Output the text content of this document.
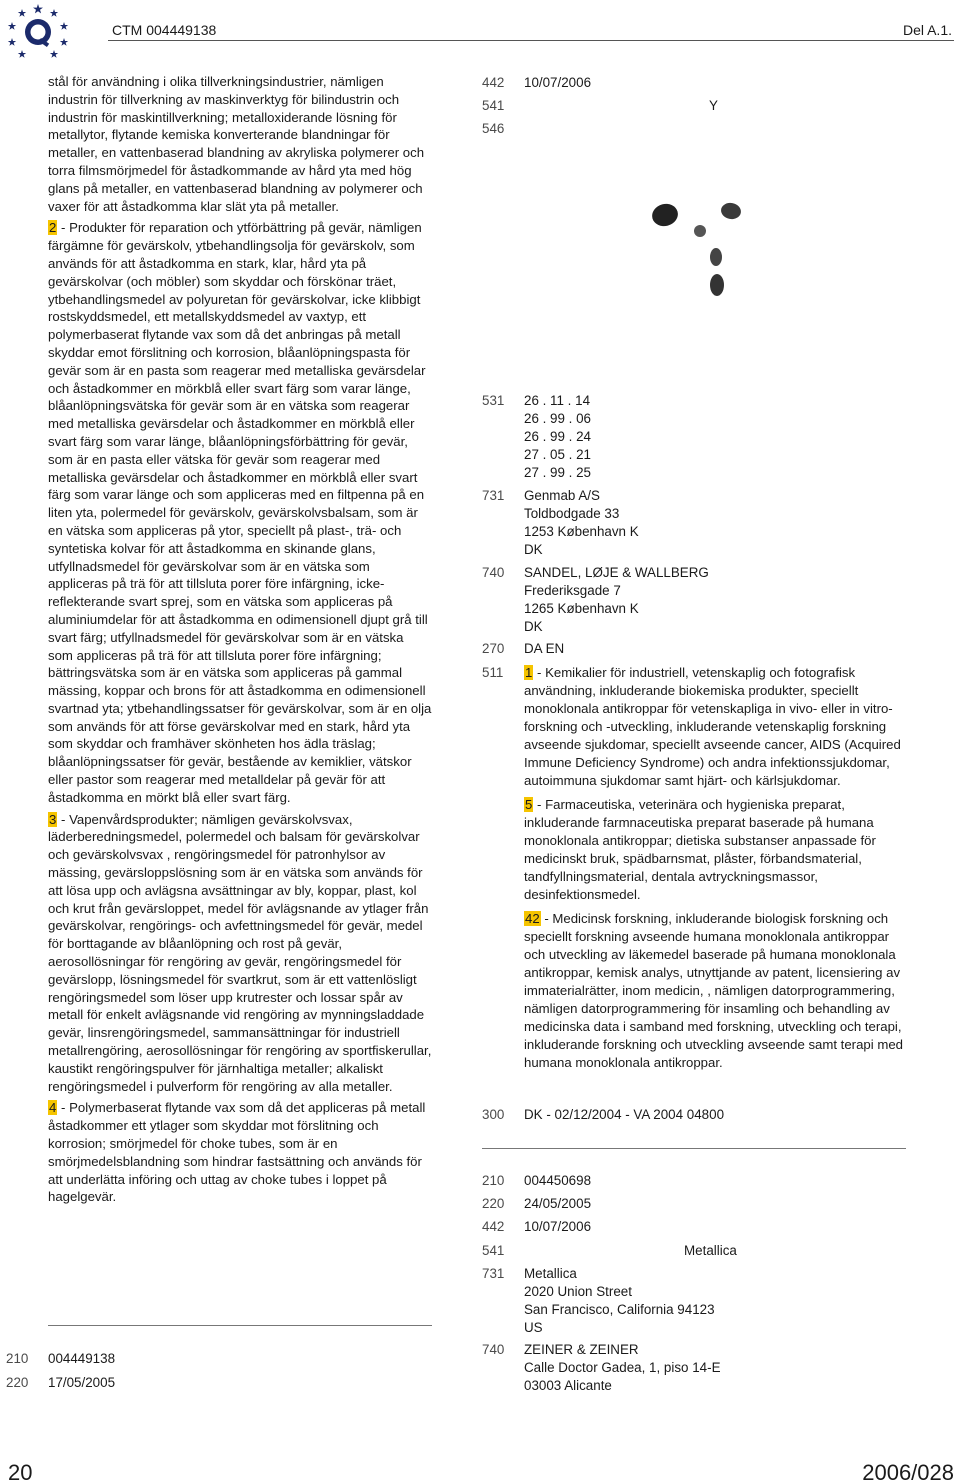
CTM 004449138	Del A.1.

stål för användning i olika tillverkningsindustrier, nämligen industrin för tillverkning av maskinverktyg för bilindustrin och industrin för maskintillverkning; metalloxiderande lösning för metallytor, flytande kemiska konverterande blandningar för metaller, en vattenbaserad blandning av akryliska polymerer och torra filmsmörjmedel för åstadkommande av hård yta med hög glans på metaller, en vattenbaserad blandning av polymerer och vaxer för att åstadkomma klar slät yta på metaller.

2 - Produkter för reparation och ytförbättring på gevär, nämligen färgämne för gevärskolv, ytbehandlingsolja för gevärskolv, som används för att åstadkomma en stark, klar, hård yta på gevärskolvar (och möbler) som skyddar och förskönar träet, ytbehandlingsmedel av polyuretan för gevärskolvar, icke klibbigt rostskyddsmedel, ett metallskyddsmedel av vaxtyp, ett polymerbaserat flytande vax som då det anbringas på metall skyddar emot förslitning och korrosion, blåanlöpningspasta för gevär som är en pasta som reagerar med metalliska gevärsdelar och åstadkommer en mörkblå eller svart färg som varar länge, blåanlöpningsvätska för gevär som är en vätska som reagerar med metalliska gevärsdelar och åstadkommer en mörkblå eller svart färg som varar länge, blåanlöpningsförbättring för gevär, som är en pasta eller vätska för gevär som reagerar med metalliska gevärsdelar och åstadkommer en mörkblå eller svart färg som varar länge och som appliceras med en filtpenna på en liten yta, polermedel för gevärskolv, gevärskolvsbalsam, som är en vätska som appliceras på ytor, speciellt på plast-, trä- och syntetiska kolvar för att åstadkomma en skinande glans, utfyllnadsmedel för gevärskolvar som är en vätska som appliceras på trä för att tillsluta porer före infärgning, icke-reflekterande svart sprej, som en vätska som appliceras på aluminiumdelar för att åstadkomma en odimensionell djupt grå till svart färg; utfyllnadsmedel för gevärskolvar som är en vätska som appliceras på trä för att tillsluta porer före infärgning; bättringsvätska som är en vätska som appliceras på gammal mässing, koppar och brons för att åstadkomma en odimensionell svartnad yta; ytbehandlingssatser för gevärskolvar, som är en olja som används för att förse gevärskolvar med en stark, hård yta som skyddar och framhäver skönheten hos ädla träslag; blåanlöpningssatser för gevär, bestående av kemiklier, vätskor eller pastor som reagerar med metalldelar på gevär för att åstadkomma en mörkt blå eller svart färg.

3 - Vapenvårdsprodukter; nämligen gevärskolvsvax, läderberedningsmedel, polermedel och balsam för gevärskolvar och gevärskolvsvax , rengöringsmedel för patronhylsor av mässing, gevärsloppslösning som är en vätska som används för att lösa upp och avlägsna avsättningar av bly, koppar, plast, kol och krut från gevärsloppet, medel för avlägsnande av ytlager från gevärskolvar, rengörings- och avfettningsmedel för gevär, medel för borttagande av blåanlöpning och rost på gevär, aerosollösningar för rengöring av gevär, rengöringsmedel för gevärslopp, lösningsmedel för svartkrut, som är ett vattenlösligt rengöringsmedel som löser upp krutrester och lossar spår av metall för enkelt avlägsnande vid rengöring av mynningsladdade gevär, linsrengöringsmedel, sammansättningar för industriell metallrengöring, aerosollösningar för rengöring av sportfiskerullar, kaustikt rengöringspulver för järnhaltiga metaller; alkaliskt rengöringsmedel i pulverform för rengöring av alla metaller.

4 - Polymerbaserat flytande vax som då det appliceras på metall åstadkommer ett ytlager som skyddar mot förslitning och korrosion; smörjmedel för choke tubes, som är en smörjmedelsblandning som hindrar fastsättning och används för att underlätta införing och uttag av choke tubes i loppet på hagelgevär.

210 004449138
220 17/05/2005
442 10/07/2006
541	Y
546
531 26 . 11 . 14
26 . 99 . 06
26 . 99 . 24
27 . 05 . 21
27 . 99 . 25
731 Genmab A/S
Toldbodgade 33
1253 København K
DK
740 SANDEL, LØJE & WALLBERG
Frederiksgade 7
1265 København K
DK
270 DA EN
511 1 - Kemikalier för industriell, vetenskaplig och fotografisk användning, inkluderande biokemiska produkter, speciellt monoklonala antikroppar för vetenskapliga in vivo- eller in vitro-forskning och -utveckling, inkluderande vetenskaplig forskning avseende sjukdomar, speciellt avseende cancer, AIDS (Acquired Immune Deficiency Syndrome) och andra infektionssjukdomar, autoimmuna sjukdomar samt hjärt- och kärlsjukdomar.

5 - Farmaceutiska, veterinära och hygieniska preparat, inkluderande farmnaceutiska preparat baserade på humana monoklonala antikroppar; dietiska substanser anpassade för medicinskt bruk, spädbarnsmat, plåster, förbandsmaterial, tandfyllningsmaterial, dentala avtryckningsmassor, desinfektionsmedel.

42 - Medicinsk forskning, inkluderande biologisk forskning och speciellt forskning avseende humana monoklonala antikroppar och utveckling av läkemedel baserade på humana monoklonala antikroppar, kemisk analys, utnyttjande av patent, licensiering av immaterialrätter, inom medicin, , nämligen datorprogrammering, nämligen datorprogrammering för insamling och behandling av medicinska data i samband med forskning, utveckling och terapi, inkluderande forskning och utveckling avseende samt terapi med humana monoklonala antikroppar.

300 DK - 02/12/2004 - VA 2004 04800
210 004450698
220 24/05/2005
442 10/07/2006
541	Metallica
731 Metallica
2020 Union Street
San Francisco, California 94123
US
740 ZEINER & ZEINER
Calle Doctor Gadea, 1, piso 14-E
03003 Alicante
20	2006/028
